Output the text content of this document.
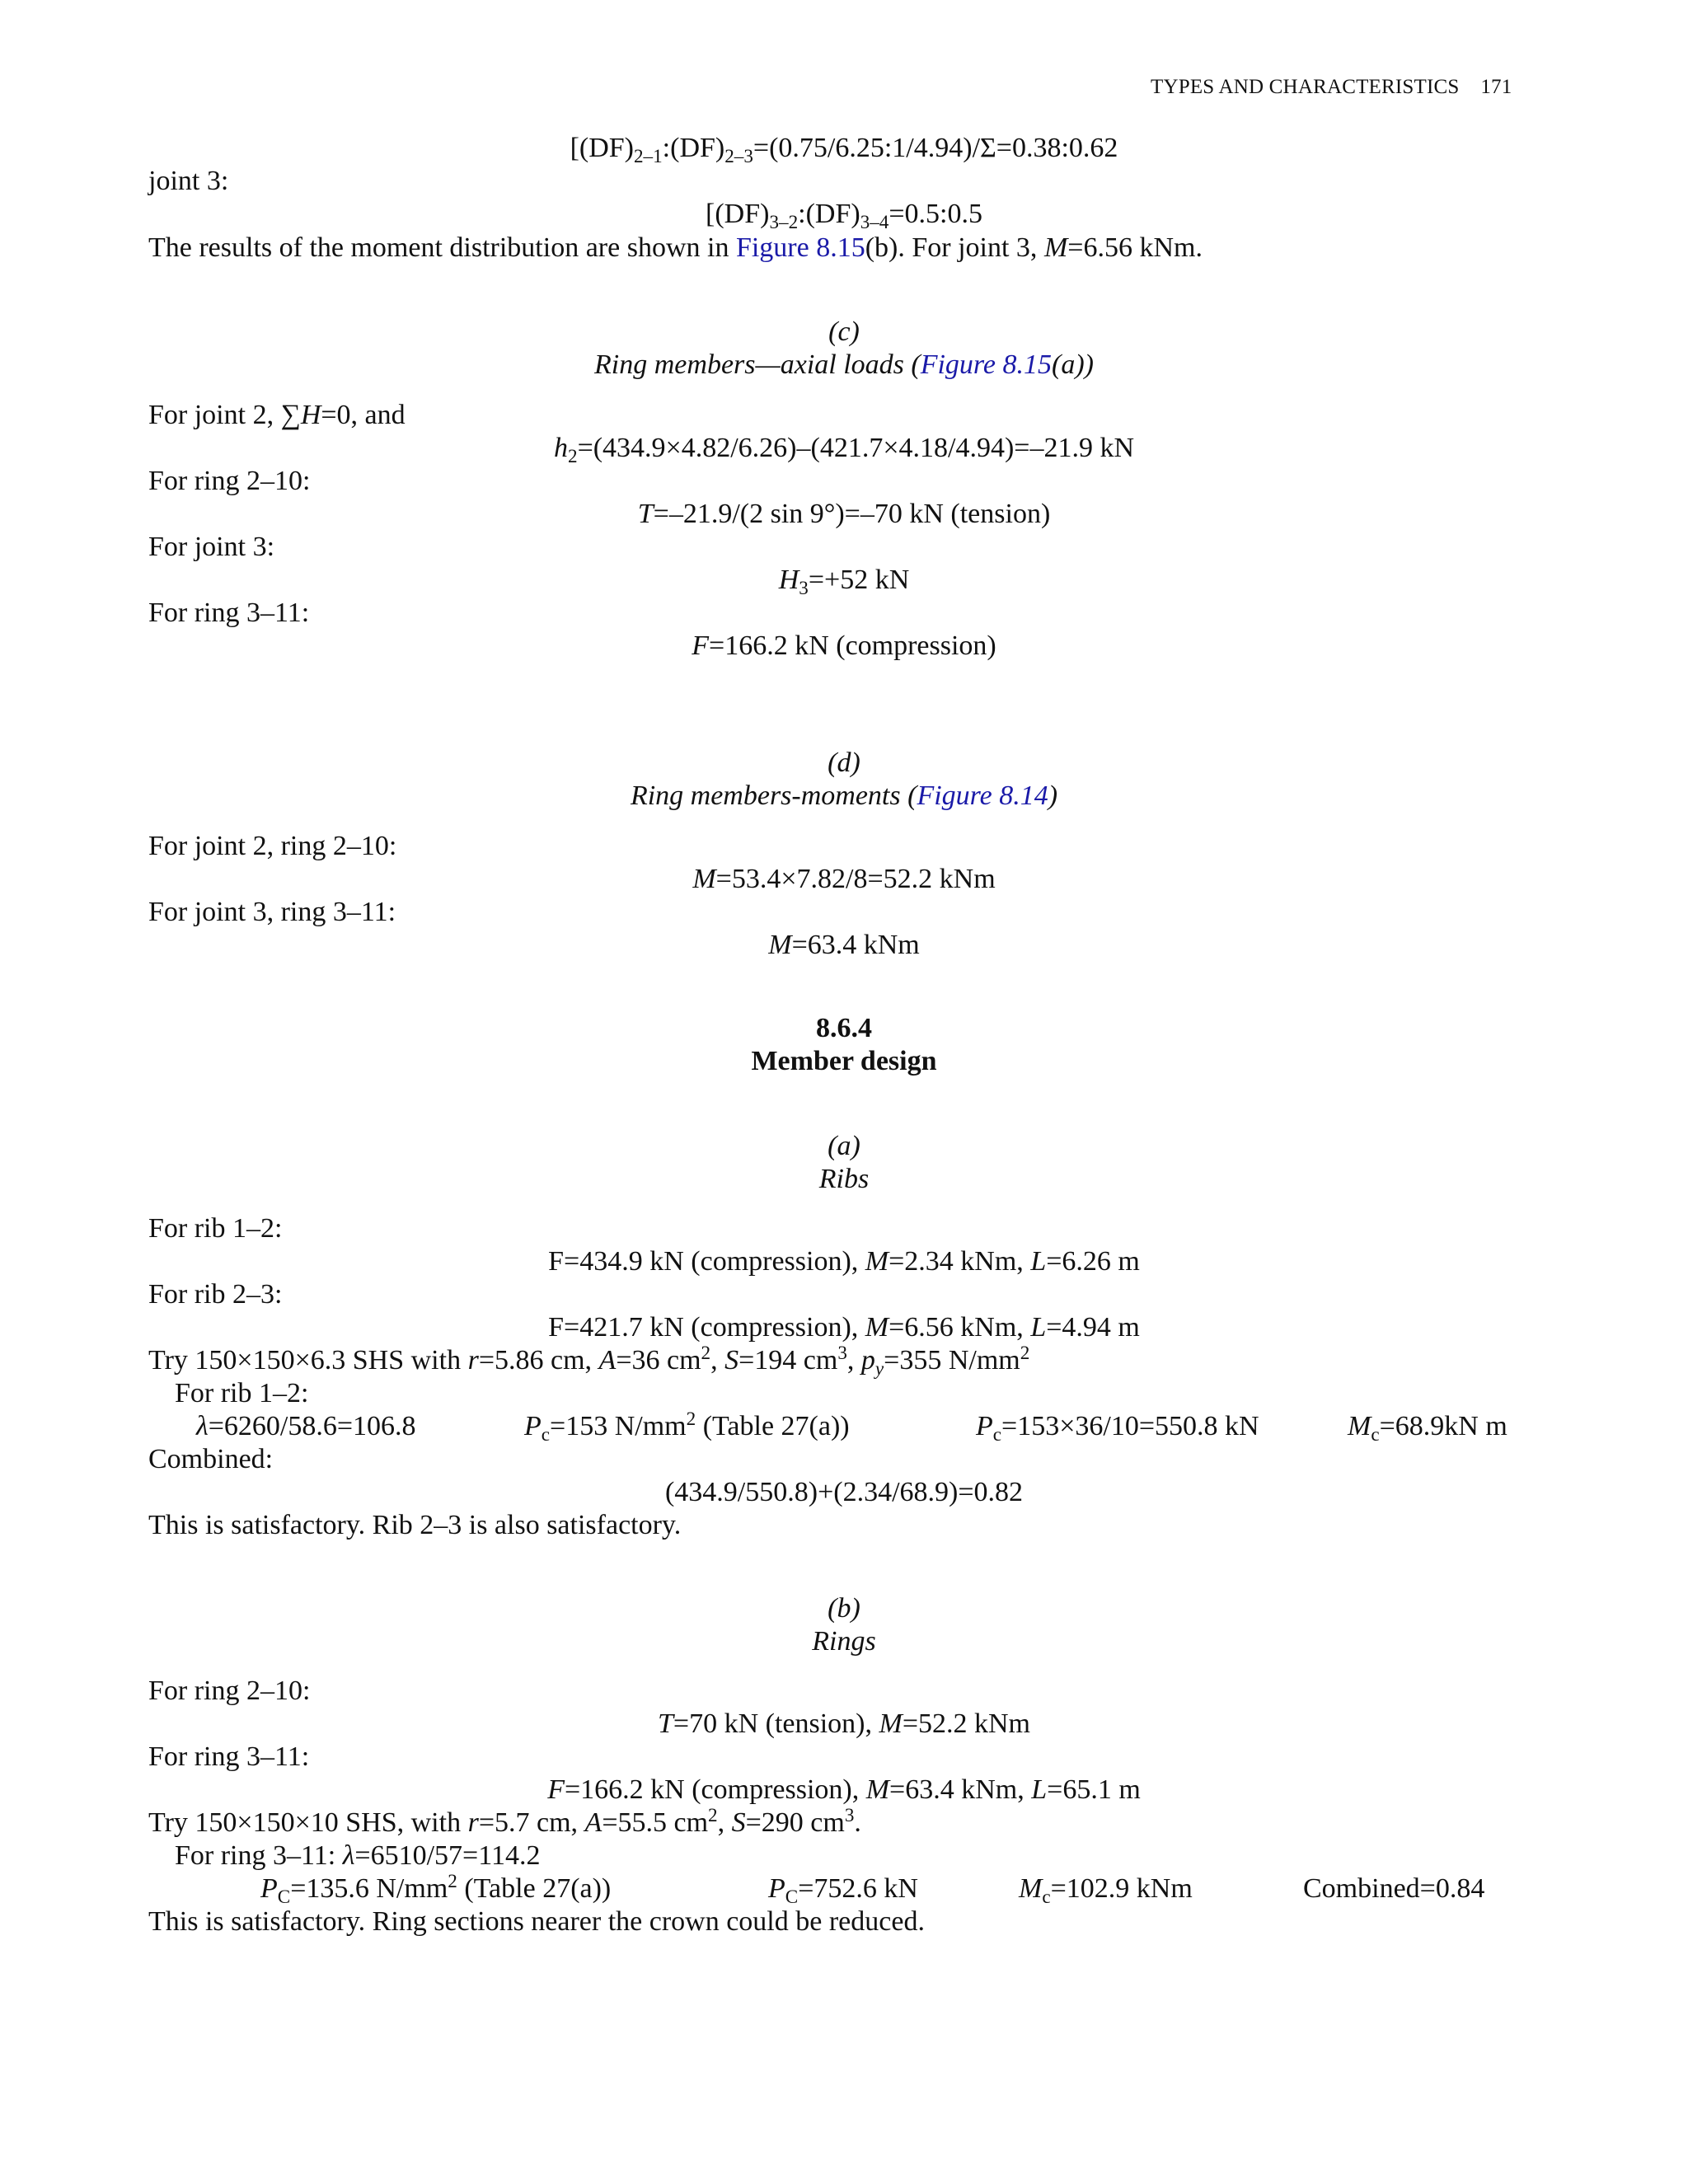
TYPES AND CHARACTERISTICS 171
[$(DF)_{2-1}:(DF)_{2-3}=(0.75/6.25:1/4.94)/\Sigma=0.38:0.62$
joint 3:
[$(DF)_{3-2}:(DF)_{3-4}=0.5:0.5$
The results of the moment distribution are shown in Figure 8.15(b). For joint 3, M=6.56 kNm.
(c)
Ring members—axial loads (Figure 8.15(a))
For joint 2, ∑H=0, and
$h_2=(434.9\times 4.82/6.26)-(421.7\times 4.18/4.94)=-21.9$ kN
For ring 2–10:
T=–21.9/(2 sin 9°)=–70 kN (tension)
For joint 3:
$H_3=+52$ kN
For ring 3–11:
F=166.2 kN (compression)
(d)
Ring members-moments (Figure 8.14)
For joint 2, ring 2–10:
M=53.4×7.82/8=52.2 kNm
For joint 3, ring 3–11:
M=63.4 kNm
8.6.4
Member design
(a)
Ribs
For rib 1–2:
F=434.9 kN (compression), M=2.34 kNm, L=6.26 m
For rib 2–3:
F=421.7 kN (compression), M=6.56 kNm, L=4.94 m
Try 150×150×6.3 SHS with r=5.86 cm, A=36 $cm^2$, S=194 $cm^3$, $p_y=355$ $N/mm^2$
For rib 1–2:
λ=6260/58.6=106.8	$P_c=153$ $N/mm^2$ (Table 27(a))	$P_c=153\times 36/10=550.8$ kN	$M_c=68.9kN$ m
Combined:
(434.9/550.8)+(2.34/68.9)=0.82
This is satisfactory. Rib 2–3 is also satisfactory.
(b)
Rings
For ring 2–10:
T=70 kN (tension), M=52.2 kNm
For ring 3–11:
F=166.2 kN (compression), M=63.4 kNm, L=65.1 m
Try 150×150×10 SHS, with r=5.7 cm, A=55.5 $cm^2$, S=290 $cm^3$.
For ring 3–11: λ=6510/57=114.2
$P_C=135.6$ $N/mm^2$ (Table 27(a))	$P_C=752.6$ kN	$M_c=102.9$ kNm	Combined=0.84
This is satisfactory. Ring sections nearer the crown could be reduced.
